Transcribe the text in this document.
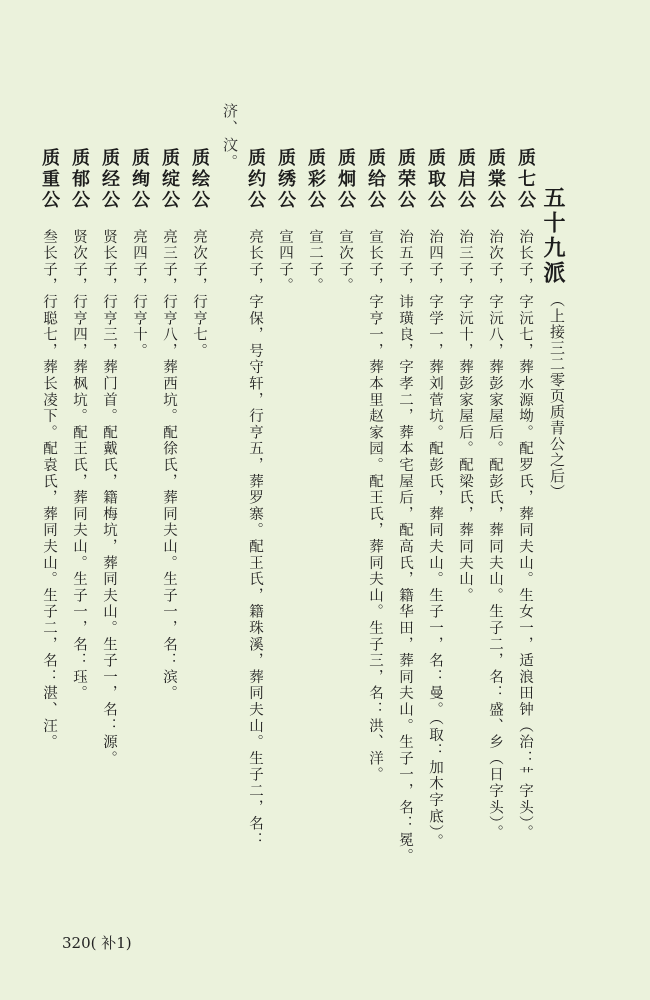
济、汶。
五十九派
（上接三二零页质青公之后）
质七公
治长子，字沅七，葬水源坳。配罗氏，葬同夫山。生女一，适浪田钟（治：艹字头）。
质棠公
治次子，字沅八，葬彭家屋后。配彭氏，葬同夫山。生子二，名：盛、乡（日字头）。
质启公
治三子，字沅十，葬彭家屋后。配梁氏，葬同夫山。
质取公
治四子，字学一，葬刘菅坑。配彭氏，葬同夫山。生子一，名：曼。（取：加木字底）。
质荣公
治五子，讳璜良，字孝二，葬本宅屋后，配高氏，籍华田，葬同夫山。生子一，名：冕。
质给公
宣长子，字亨一，葬本里赵家园。配王氏，葬同夫山。生子三，名：洪、洋。
质炯公
宣次子。
质彩公
宣二子。
质绣公
宣四子。
质约公
亮长子，字保，号守轩，行亨五，葬罗寨。配王氏，籍珠溪，葬同夫山。生子二，名：
质绘公
亮次子，行亨七。
质绽公
亮三子，行亨八，葬西坑。配徐氏，葬同夫山。生子一，名：滨。
质绚公
亮四子，行亨十。
质经公
贤长子，行亨三，葬门首。配戴氏，籍梅坑，葬同夫山。生子一，名：源。
质郁公
贤次子，行亨四，葬枫坑。配王氏，葬同夫山。生子一，名：珏。
质重公
叁长子，行聪七，葬长凌下。配袁氏，葬同夫山。生子二，名：湛、汪。
320( 补1)
